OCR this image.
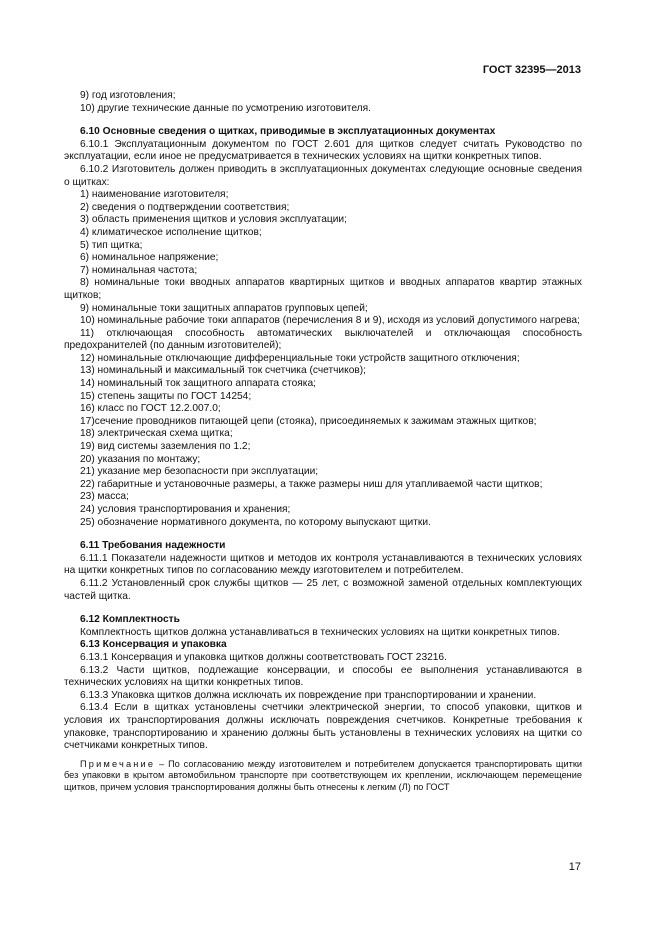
ГОСТ 32395—2013

9) год изготовления;

10) другие технические данные по усмотрению изготовителя.

6.10 Основные сведения о щитках, приводимые в эксплуатационных документах

6.10.1 Эксплуатационным документом по ГОСТ 2.601 для щитков следует считать Руководство по эксплуатации, если иное не предусматривается в технических условиях на щитки конкретных типов.

6.10.2 Изготовитель должен приводить в эксплуатационных документах следующие основные сведения о щитках:

1) наименование изготовителя;

2) сведения о подтверждении соответствия;

3) область применения щитков и условия эксплуатации;

4) климатическое исполнение щитков;

5) тип щитка;

6) номинальное напряжение;

7) номинальная частота;

8) номинальные токи вводных аппаратов квартирных щитков и вводных аппаратов квартир этажных щитков;

9) номинальные токи защитных аппаратов групповых цепей;

10) номинальные рабочие токи аппаратов (перечисления 8 и 9), исходя из условий допустимого нагрева;

11) отключающая способность автоматических выключателей и отключающая способность предохранителей (по данным изготовителей);

12) номинальные отключающие дифференциальные токи устройств защитного отключения;

13) номинальный и максимальный ток счетчика (счетчиков);

14) номинальный ток защитного аппарата стояка;

15) степень защиты по ГОСТ 14254;

16) класс по ГОСТ 12.2.007.0;

17)сечение проводников питающей цепи (стояка), присоединяемых к зажимам этажных щитков;

18) электрическая схема щитка;

19) вид системы заземления по 1.2;

20) указания по монтажу;

21) указание мер безопасности при эксплуатации;

22) габаритные и установочные размеры, а также размеры ниш для утапливаемой части щитков;

23) масса;

24) условия транспортирования и хранения;

25) обозначение нормативного документа, по которому выпускают щитки.

6.11 Требования надежности

6.11.1 Показатели надежности щитков и методов их контроля устанавливаются в технических условиях на щитки конкретных типов по согласованию между изготовителем и потребителем.

6.11.2 Установленный срок службы щитков — 25 лет, с возможной заменой отдельных комплектующих частей щитка.

6.12 Комплектность

Комплектность щитков должна устанавливаться в технических условиях на щитки конкретных типов.

6.13 Консервация и упаковка

6.13.1 Консервация и упаковка щитков должны соответствовать ГОСТ 23216.

6.13.2 Части щитков, подлежащие консервации, и способы ее выполнения устанавливаются в технических условиях на щитки конкретных типов.

6.13.3 Упаковка щитков должна исключать их повреждение при транспортировании и хранении.

6.13.4 Если в щитках установлены счетчики электрической энергии, то способ упаковки, щитков и условия их транспортирования должны исключать повреждения счетчиков. Конкретные требования к упаковке, транспортированию и хранению должны быть установлены в технических условиях на щитки со счетчиками конкретных типов.

Примечание – По согласованию между изготовителем и потребителем допускается транспортировать щитки без упаковки в крытом автомобильном транспорте при соответствующем их креплении, исключающем перемещение щитков, причем условия транспортирования должны быть отнесены к легким (Л) по ГОСТ

17
